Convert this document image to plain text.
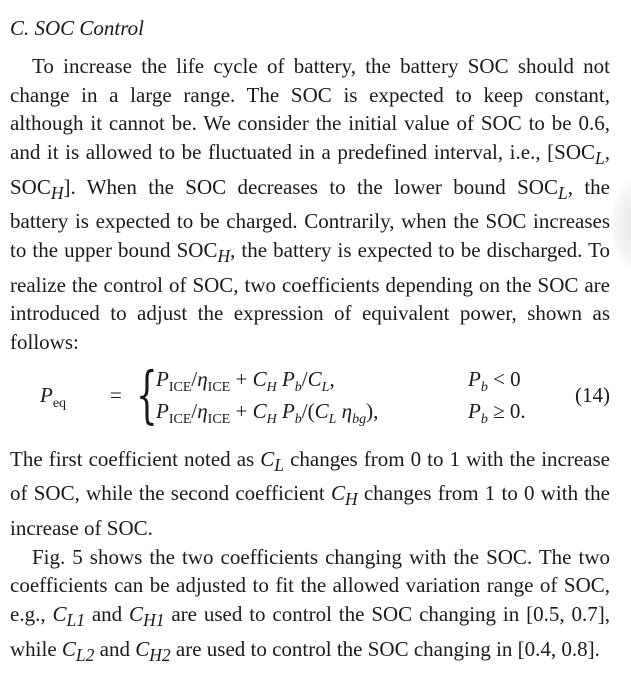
C. SOC Control

To increase the life cycle of battery, the battery SOC should not change in a large range. The SOC is expected to keep constant, although it cannot be. We consider the initial value of SOC to be 0.6, and it is allowed to be fluctuated in a predefined interval, i.e., [$SOC_L$, $SOC_H$]. When the SOC decreases to the lower bound $SOC_L$, the battery is expected to be charged. Contrarily, when the SOC increases to the upper bound $SOC_H$, the battery is expected to be discharged. To realize the control of SOC, two coefficients depending on the SOC are introduced to adjust the expression of equivalent power, shown as follows:

$P_{eq}$ = {
$P_{ICE}/\eta_{ICE} + C_H$ $P_b/C_L$,	$P_b < 0$
$P_{ICE}/\eta_{ICE} + C_H$ $P_b/(C_L$ $\eta_{bg}$),	$P_b \ge 0$.
(14)

The first coefficient noted as $C_L$ changes from 0 to 1 with the increase of SOC, while the second coefficient $C_H$ changes from 1 to 0 with the increase of SOC.

Fig. 5 shows the two coefficients changing with the SOC. The two coefficients can be adjusted to fit the allowed variation range of SOC, e.g., $C_{L1}$ and $C_{H1}$ are used to control the SOC changing in [0.5, 0.7], while $C_{L2}$ and $C_{H2}$ are used to control the SOC changing in [0.4, 0.8].
